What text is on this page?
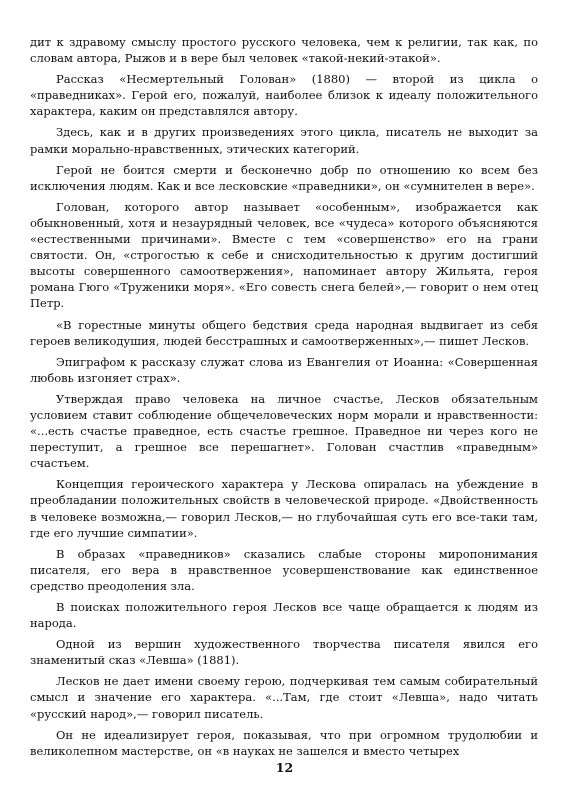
дит к здравому смыслу простого русского человека, чем к религии, так как, по словам автора, Рыжов и в вере был человек «такой-некий-этакой».

Рассказ «Несмертельный Голован» (1880) — второй из цикла о «праведниках». Герой его, пожалуй, наиболее близок к идеалу положительного характера, каким он представлялся автору.

Здесь, как и в других произведениях этого цикла, писатель не выходит за рамки морально-нравственных, этических категорий.

Герой не боится смерти и бесконечно добр по отношению ко всем без исключения людям. Как и все лесковские «праведники», он «сумнителен в вере».

Голован, которого автор называет «особенным», изображается как обыкновенный, хотя и незаурядный человек, все «чудеса» которого объясняются «естественными причинами». Вместе с тем «совершенство» его на грани святости. Он, «строгостью к себе и снисходительностью к другим достигший высоты совершенного самоотвержения», напоминает автору Жильята, героя романа Гюго «Труженики моря». «Его совесть снега белей»,— говорит о нем отец Петр.

«В горестные минуты общего бедствия среда народная выдвигает из себя героев великодушия, людей бесстрашных и самоотверженных»,— пишет Лесков.

Эпиграфом к рассказу служат слова из Евангелия от Иоанна: «Совершенная любовь изгоняет страх».

Утверждая право человека на личное счастье, Лесков обязательным условием ставит соблюдение общечеловеческих норм морали и нравственности: «...есть счастье праведное, есть счастье грешное. Праведное ни через кого не переступит, а грешное все перешагнет». Голован счастлив «праведным» счастьем.

Концепция героического характера у Лескова опиралась на убеждение в преобладании положительных свойств в человеческой природе. «Двойственность в человеке возможна,— говорил Лесков,— но глубочайшая суть его все-таки там, где его лучшие симпатии».

В образах «праведников» сказались слабые стороны миропонимания писателя, его вера в нравственное усовершенствование как единственное средство преодоления зла.

В поисках положительного героя Лесков все чаще обращается к людям из народа.

Одной из вершин художественного творчества писателя явился его знаменитый сказ «Левша» (1881).

Лесков не дает имени своему герою, подчеркивая тем самым собирательный смысл и значение его характера. «...Там, где стоит «Левша», надо читать «русский народ»,— говорил писатель.

Он не идеализирует героя, показывая, что при огромном трудолюбии и великолепном мастерстве, он «в науках не зашелся и вместо четырех

12
